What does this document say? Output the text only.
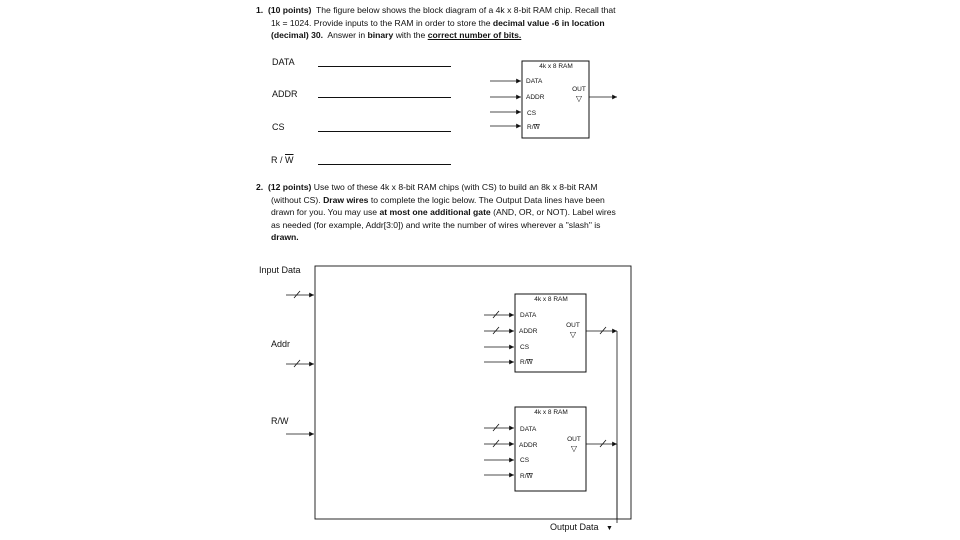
1. (10 points) The figure below shows the block diagram of a 4k x 8-bit RAM chip. Recall that
1k = 1024. Provide inputs to the RAM in order to store the decimal value -6 in location
(decimal) 30. Answer in binary with the correct number of bits.
DATA
ADDR
CS
R / $\overline{W}$
2. (12 points) Use two of these 4k x 8-bit RAM chips (with CS) to build an 8k x 8-bit RAM
(without CS). Draw wires to complete the logic below. The Output Data lines have been
drawn for you. You may use at most one additional gate (AND, OR, or NOT). Label wires
as needed (for example, Addr[3:0]) and write the number of wires wherever a "slash" is
drawn.
4k x 8 RAM
DATA
ADDR
CS
R/W
OUT
▽
4k x 8 RAM
DATA
ADDR
CS
R/W
OUT
▽
4k x 8 RAM
DATA
ADDR
CS
R/W
OUT
▽
Input Data
Addr
R/W
Output Data ▼
